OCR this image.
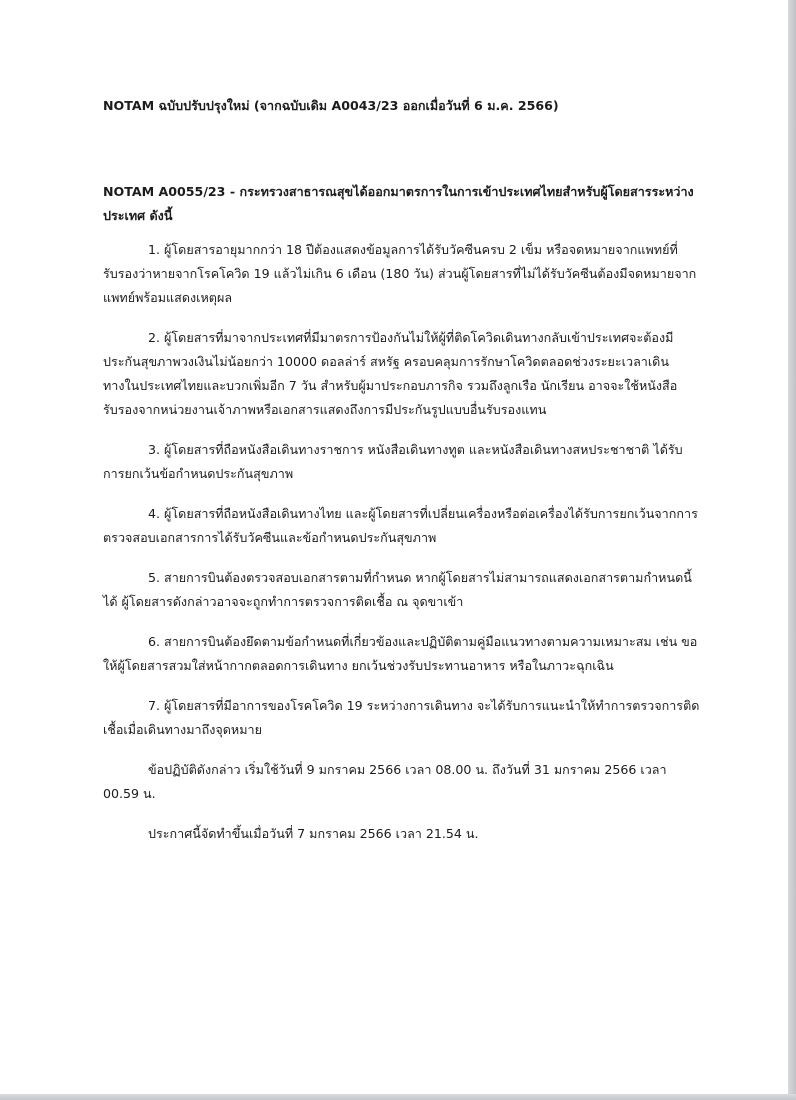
NOTAM ฉบับปรับปรุงใหม่ (จากฉบับเดิม A0043/23 ออกเมื่อวันที่ 6 ม.ค. 2566)

NOTAM A0055/23 - กระทรวงสาธารณสุขได้ออกมาตรการในการเข้าประเทศไทยสำหรับผู้โดยสารระหว่างประเทศ ดังนี้

1. ผู้โดยสารอายุมากกว่า 18 ปีต้องแสดงข้อมูลการได้รับวัคซีนครบ 2 เข็ม หรือจดหมายจากแพทย์ที่รับรองว่าหายจากโรคโควิด 19 แล้วไม่เกิน 6 เดือน (180 วัน) ส่วนผู้โดยสารที่ไม่ได้รับวัคซีนต้องมีจดหมายจากแพทย์พร้อมแสดงเหตุผล

2. ผู้โดยสารที่มาจากประเทศที่มีมาตรการป้องกันไม่ให้ผู้ที่ติดโควิดเดินทางกลับเข้าประเทศจะต้องมีประกันสุขภาพวงเงินไม่น้อยกว่า 10000 ดอลล่าร์ สหรัฐ ครอบคลุมการรักษาโควิดตลอดช่วงระยะเวลาเดินทางในประเทศไทยและบวกเพิ่มอีก 7 วัน สำหรับผู้มาประกอบภารกิจ รวมถึงลูกเรือ นักเรียน อาจจะใช้หนังสือรับรองจากหน่วยงานเจ้าภาพหรือเอกสารแสดงถึงการมีประกันรูปแบบอื่นรับรองแทน

3. ผู้โดยสารที่ถือหนังสือเดินทางราชการ หนังสือเดินทางทูต และหนังสือเดินทางสหประชาชาติ ได้รับการยกเว้นข้อกำหนดประกันสุขภาพ

4. ผู้โดยสารที่ถือหนังสือเดินทางไทย และผู้โดยสารที่เปลี่ยนเครื่องหรือต่อเครื่องได้รับการยกเว้นจากการตรวจสอบเอกสารการได้รับวัคซีนและข้อกำหนดประกันสุขภาพ

5. สายการบินต้องตรวจสอบเอกสารตามที่กำหนด หากผู้โดยสารไม่สามารถแสดงเอกสารตามกำหนดนี้ได้ ผู้โดยสารดังกล่าวอาจจะถูกทำการตรวจการติดเชื้อ ณ จุดขาเข้า

6. สายการบินต้องยึดตามข้อกำหนดที่เกี่ยวข้องและปฏิบัติตามคู่มือแนวทางตามความเหมาะสม เช่น ขอให้ผู้โดยสารสวมใส่หน้ากากตลอดการเดินทาง ยกเว้นช่วงรับประทานอาหาร หรือในภาวะฉุกเฉิน

7. ผู้โดยสารที่มีอาการของโรคโควิด 19 ระหว่างการเดินทาง จะได้รับการแนะนำให้ทำการตรวจการติดเชื้อเมื่อเดินทางมาถึงจุดหมาย

ข้อปฏิบัติดังกล่าว เริ่มใช้วันที่ 9 มกราคม 2566 เวลา 08.00 น. ถึงวันที่ 31 มกราคม 2566 เวลา 00.59 น.

ประกาศนี้จัดทำขึ้นเมื่อวันที่ 7 มกราคม 2566 เวลา 21.54 น.
